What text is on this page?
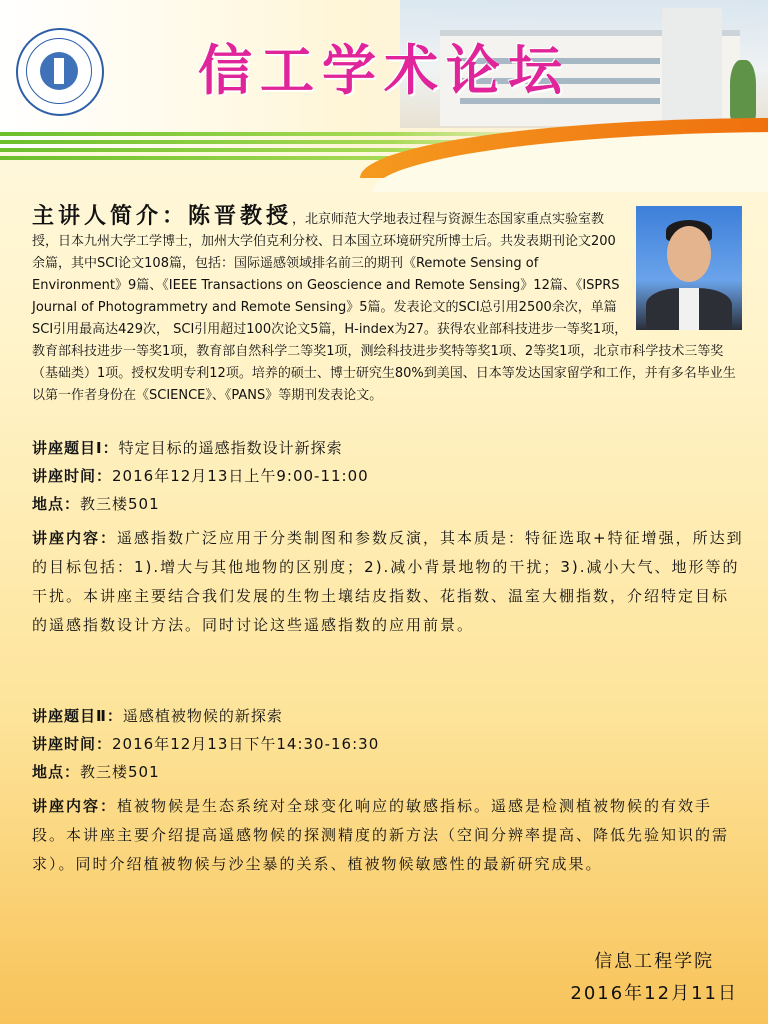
信工学术论坛
主讲人简介：陈晋教授，北京师范大学地表过程与资源生态国家重点实验室教授，日本九州大学工学博士，加州大学伯克利分校、日本国立环境研究所博士后。共发表期刊论文200余篇，其中SCI论文108篇，包括：国际遥感领域排名前三的期刊《Remote Sensing of Environment》9篇、《IEEE Transactions on Geoscience and Remote Sensing》12篇、《ISPRS Journal of Photogrammetry and Remote Sensing》5篇。发表论文的SCI总引用2500余次，单篇SCI引用最高达429次， SCI引用超过100次论文5篇，H-index为27。获得农业部科技进步一等奖1项，教育部科技进步一等奖1项，教育部自然科学二等奖1项，测绘科技进步奖特等奖1项、2等奖1项，北京市科学技术三等奖（基础类）1项。授权发明专利12项。培养的硕士、博士研究生80%到美国、日本等发达国家留学和工作，并有多名毕业生以第一作者身份在《SCIENCE》、《PANS》等期刊发表论文。
讲座题目Ⅰ：特定目标的遥感指数设计新探索
讲座时间：2016年12月13日上午9:00-11:00
地点：教三楼501
讲座内容：遥感指数广泛应用于分类制图和参数反演，其本质是：特征选取+特征增强，所达到的目标包括：1).增大与其他地物的区别度；2).减小背景地物的干扰；3).减小大气、地形等的干扰。本讲座主要结合我们发展的生物土壤结皮指数、花指数、温室大棚指数，介绍特定目标的遥感指数设计方法。同时讨论这些遥感指数的应用前景。
讲座题目Ⅱ：遥感植被物候的新探索
讲座时间：2016年12月13日下午14:30-16:30
地点：教三楼501
讲座内容：植被物候是生态系统对全球变化响应的敏感指标。遥感是检测植被物候的有效手段。本讲座主要介绍提高遥感物候的探测精度的新方法（空间分辨率提高、降低先验知识的需求）。同时介绍植被物候与沙尘暴的关系、植被物候敏感性的最新研究成果。
信息工程学院
2016年12月11日
